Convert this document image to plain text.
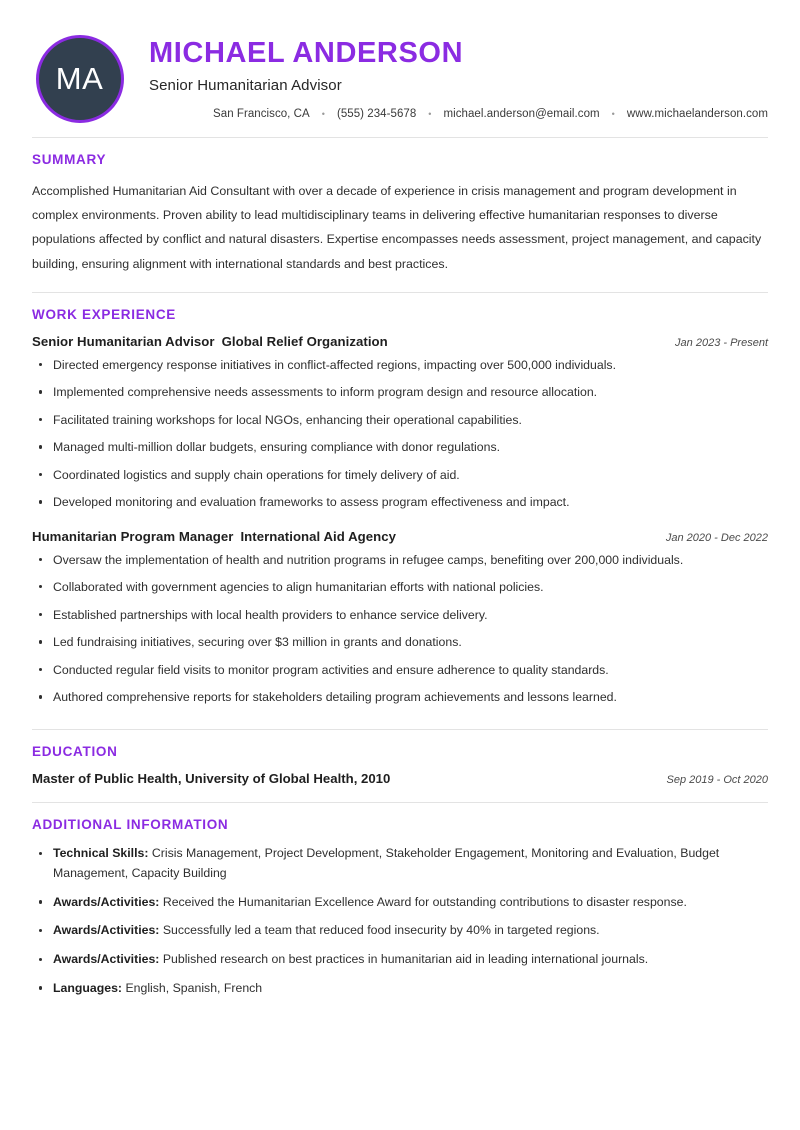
MA
MICHAEL ANDERSON
Senior Humanitarian Advisor
San Francisco, CA	•	(555) 234-5678	•	michael.anderson@email.com	•	www.michaelanderson.com
SUMMARY

Accomplished Humanitarian Aid Consultant with over a decade of experience in crisis management and program development in complex environments. Proven ability to lead multidisciplinary teams in delivering effective humanitarian responses to diverse populations affected by conflict and natural disasters. Expertise encompasses needs assessment, project management, and capacity building, ensuring alignment with international standards and best practices.

WORK EXPERIENCE
Senior Humanitarian Advisor Global Relief Organization	Jan 2023 - Present
Directed emergency response initiatives in conflict-affected regions, impacting over 500,000 individuals.
Implemented comprehensive needs assessments to inform program design and resource allocation.
Facilitated training workshops for local NGOs, enhancing their operational capabilities.
Managed multi-million dollar budgets, ensuring compliance with donor regulations.
Coordinated logistics and supply chain operations for timely delivery of aid.
Developed monitoring and evaluation frameworks to assess program effectiveness and impact.
Humanitarian Program Manager International Aid Agency	Jan 2020 - Dec 2022
Oversaw the implementation of health and nutrition programs in refugee camps, benefiting over 200,000 individuals.
Collaborated with government agencies to align humanitarian efforts with national policies.
Established partnerships with local health providers to enhance service delivery.
Led fundraising initiatives, securing over $3 million in grants and donations.
Conducted regular field visits to monitor program activities and ensure adherence to quality standards.
Authored comprehensive reports for stakeholders detailing program achievements and lessons learned.
EDUCATION
Master of Public Health, University of Global Health, 2010	Sep 2019 - Oct 2020
ADDITIONAL INFORMATION
Technical Skills: Crisis Management, Project Development, Stakeholder Engagement, Monitoring and Evaluation, Budget Management, Capacity Building
Awards/Activities: Received the Humanitarian Excellence Award for outstanding contributions to disaster response.
Awards/Activities: Successfully led a team that reduced food insecurity by 40% in targeted regions.
Awards/Activities: Published research on best practices in humanitarian aid in leading international journals.
Languages: English, Spanish, French
